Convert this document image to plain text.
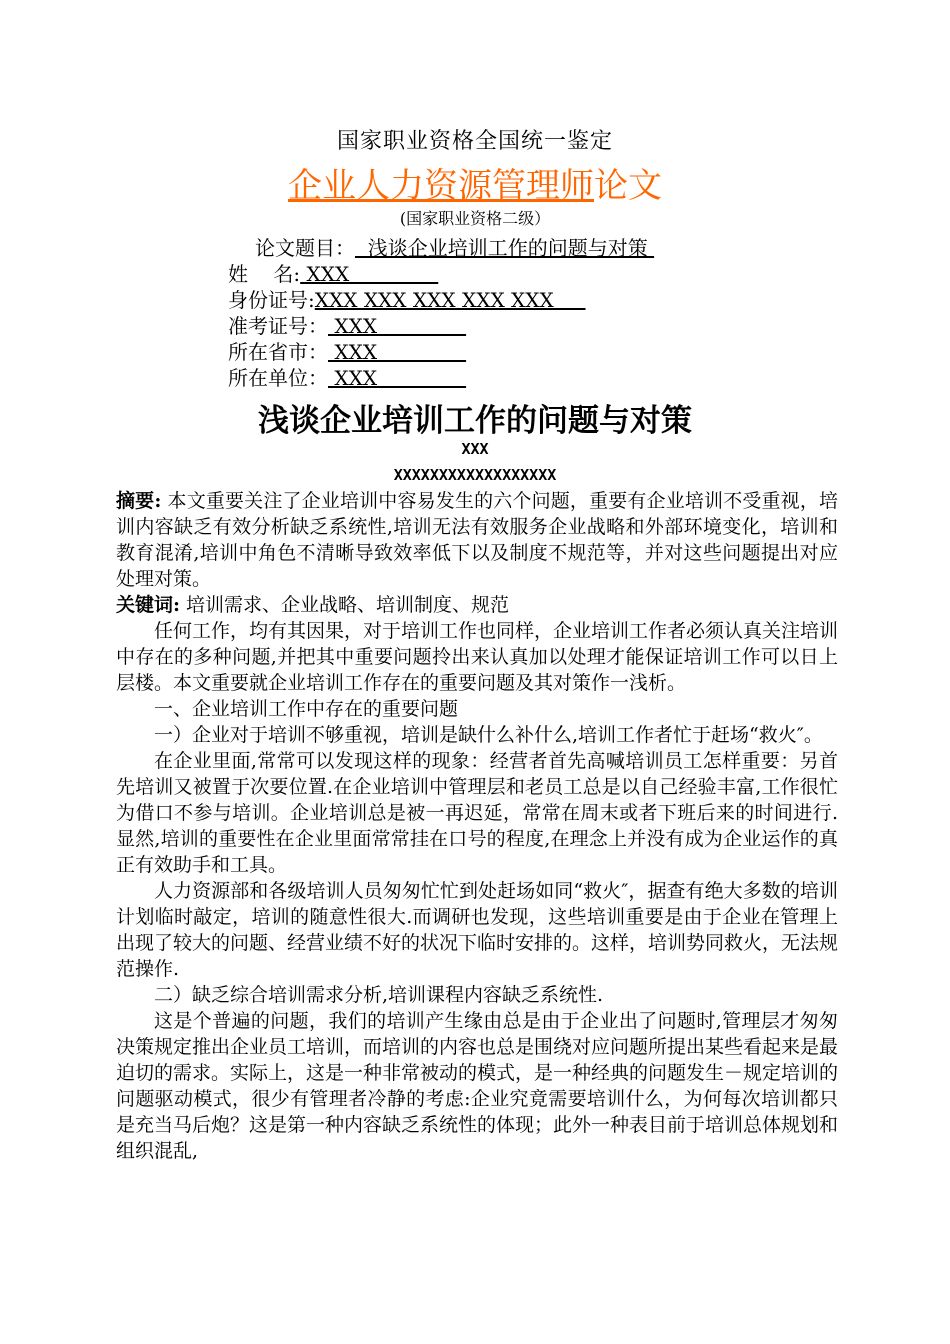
国家职业资格全国统一鉴定
企业人力资源管理师论文
(国家职业资格二级）
论文题目：  浅谈企业培训工作的问题与对策
姓    名: XXX
身份证号:XXX XXX XXX XXX XXX
准考证号： XXX
所在省市： XXX
所在单位： XXX
浅谈企业培训工作的问题与对策
XXX
XXXXXXXXXXXXXXXXXX

摘要: 本文重要关注了企业培训中容易发生的六个问题，重要有企业培训不受重视，培训内容缺乏有效分析缺乏系统性,培训无法有效服务企业战略和外部环境变化，培训和教育混淆,培训中角色不清晰导致效率低下以及制度不规范等，并对这些问题提出对应处理对策。

关键词: 培训需求、企业战略、培训制度、规范

任何工作，均有其因果，对于培训工作也同样，企业培训工作者必须认真关注培训中存在的多种问题,并把其中重要问题拎出来认真加以处理才能保证培训工作可以日上层楼。本文重要就企业培训工作存在的重要问题及其对策作一浅析。

一、企业培训工作中存在的重要问题

一）企业对于培训不够重视，培训是缺什么补什么,培训工作者忙于赶场“救火″。

在企业里面,常常可以发现这样的现象：经营者首先高喊培训员工怎样重要：另首先培训又被置于次要位置.在企业培训中管理层和老员工总是以自己经验丰富,工作很忙为借口不参与培训。企业培训总是被一再迟延，常常在周末或者下班后来的时间进行.显然,培训的重要性在企业里面常常挂在口号的程度,在理念上并没有成为企业运作的真正有效助手和工具。

人力资源部和各级培训人员匆匆忙忙到处赶场如同“救火″，据查有绝大多数的培训计划临时敲定，培训的随意性很大.而调研也发现，这些培训重要是由于企业在管理上出现了较大的问题、经营业绩不好的状况下临时安排的。这样，培训势同救火，无法规范操作.

二）缺乏综合培训需求分析,培训课程内容缺乏系统性.

这是个普遍的问题，我们的培训产生缘由总是由于企业出了问题时,管理层才匆匆决策规定推出企业员工培训，而培训的内容也总是围绕对应问题所提出某些看起来是最迫切的需求。实际上，这是一种非常被动的模式，是一种经典的问题发生－规定培训的问题驱动模式，很少有管理者冷静的考虑:企业究竟需要培训什么，为何每次培训都只是充当马后炮？这是第一种内容缺乏系统性的体现；此外一种表目前于培训总体规划和组织混乱,
